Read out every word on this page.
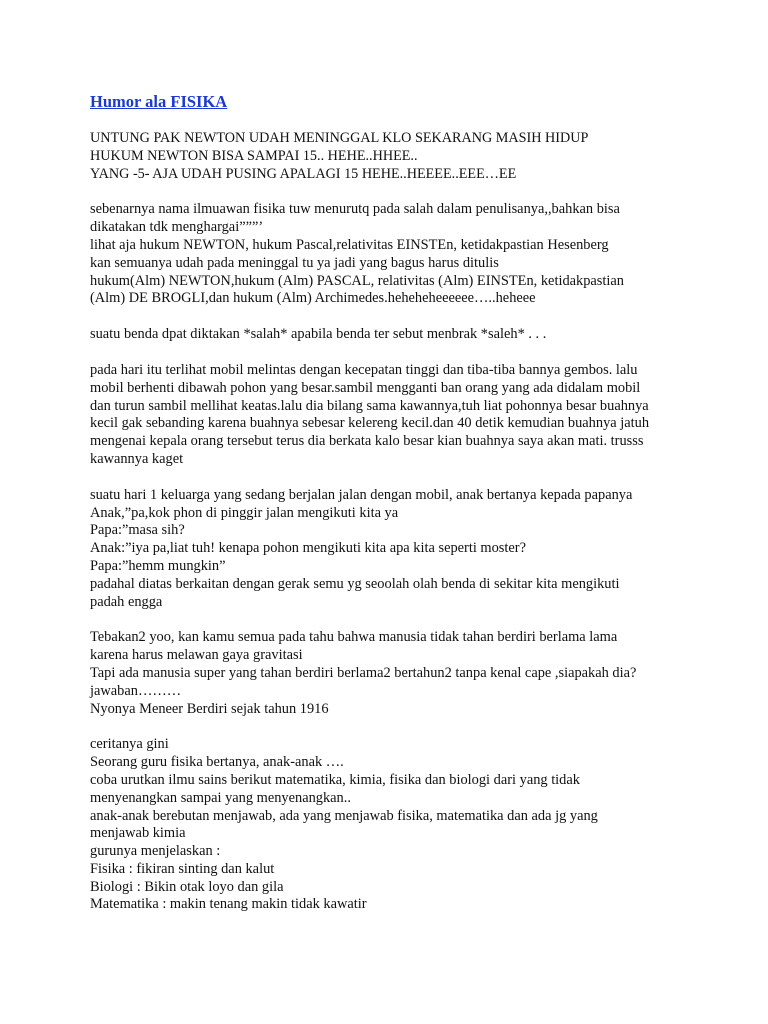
Humor ala FISIKA
UNTUNG PAK NEWTON UDAH MENINGGAL KLO SEKARANG MASIH HIDUP
HUKUM NEWTON BISA SAMPAI 15.. HEHE..HHEE..
YANG -5- AJA UDAH PUSING APALAGI 15 HEHE..HEEEE..EEE…EE
sebenarnya nama ilmuawan fisika tuw menurutq pada salah dalam penulisanya,,bahkan bisa
dikatakan tdk menghargai”””’
lihat aja hukum NEWTON, hukum Pascal,relativitas EINSTEn, ketidakpastian Hesenberg
kan semuanya udah pada meninggal tu ya jadi yang bagus harus ditulis
hukum(Alm) NEWTON,hukum (Alm) PASCAL, relativitas (Alm) EINSTEn, ketidakpastian
(Alm) DE BROGLI,dan hukum (Alm) Archimedes.heheheheeeeee…..heheee
suatu benda dpat diktakan *salah* apabila benda ter sebut menbrak *saleh* . . .
pada hari itu terlihat mobil melintas dengan kecepatan tinggi dan tiba-tiba bannya gembos. lalu
mobil berhenti dibawah pohon yang besar.sambil mengganti ban orang yang ada didalam mobil
dan turun sambil mellihat keatas.lalu dia bilang sama kawannya,tuh liat pohonnya besar buahnya
kecil gak sebanding karena buahnya sebesar kelereng kecil.dan 40 detik kemudian buahnya jatuh
mengenai kepala orang tersebut terus dia berkata kalo besar kian buahnya saya akan mati. trusss
kawannya kaget
suatu hari 1 keluarga yang sedang berjalan jalan dengan mobil, anak bertanya kepada papanya
Anak,”pa,kok phon di pinggir jalan mengikuti kita ya
Papa:”masa sih?
Anak:”iya pa,liat tuh! kenapa pohon mengikuti kita apa kita seperti moster?
Papa:”hemm mungkin”
padahal diatas berkaitan dengan gerak semu yg seoolah olah benda di sekitar kita mengikuti
padah engga
Tebakan2 yoo, kan kamu semua pada tahu bahwa manusia tidak tahan berdiri berlama lama
karena harus melawan gaya gravitasi
Tapi ada manusia super yang tahan berdiri berlama2 bertahun2 tanpa kenal cape ,siapakah dia?
jawaban………
Nyonya Meneer Berdiri sejak tahun 1916
ceritanya gini
Seorang guru fisika bertanya, anak-anak ….
coba urutkan ilmu sains berikut matematika, kimia, fisika dan biologi dari yang tidak
menyenangkan sampai yang menyenangkan..
anak-anak berebutan menjawab, ada yang menjawab fisika, matematika dan ada jg yang
menjawab kimia
gurunya menjelaskan :
Fisika : fikiran sinting dan kalut
Biologi : Bikin otak loyo dan gila
Matematika : makin tenang makin tidak kawatir
